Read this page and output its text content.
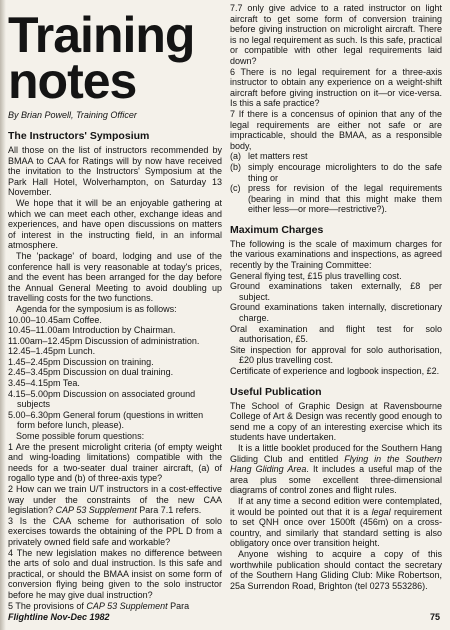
Training
notes
By Brian Powell, Training Officer
The Instructors' Symposium

All those on the list of instructors recommended by BMAA to CAA for Ratings will by now have received the invitation to the Instructors' Symposium at the Park Hall Hotel, Wolverhampton, on Saturday 13 November.

We hope that it will be an enjoyable gathering at which we can meet each other, exchange ideas and experiences, and have open discussions on matters of interest in the instructing field, in an informal atmosphere.

The 'package' of board, lodging and use of the conference hall is very reasonable at today's prices, and the event has been arranged for the day before the Annual General Meeting to avoid doubling up travelling costs for the two functions.

Agenda for the symposium is as follows:

10.00–10.45am Coffee.
10.45–11.00am Introduction by Chairman.
11.00am–12.45pm Discussion of administration.
12.45–1.45pm Lunch.
1.45–2.45pm Discussion on training.
2.45–3.45pm Discussion on dual training.
3.45–4.15pm Tea.
4.15–5.00pm Discussion on associated ground subjects
5.00–6.30pm General forum (questions in written form before lunch, please).

Some possible forum questions:

1 Are the present microlight criteria (of empty weight and wing-loading limitations) compatible with the needs for a two-seater dual trainer aircraft, (a) of rogallo type and (b) of three-axis type?
2 How can we train U/T instructors in a cost-effective way under the constraints of the new CAA legislation? CAP 53 Supplement Para 7.1 refers.
3 Is the CAA scheme for authorisation of solo exercises towards the obtaining of the PPL D from a privately owned field safe and workable?
4 The new legislation makes no difference between the arts of solo and dual instruction. Is this safe and practical, or should the BMAA insist on some form of conversion flying being given to the solo instructor before he may give dual instruction?
5 The provisions of CAP 53 Supplement Para

7.7 only give advice to a rated instructor on light aircraft to get some form of conversion training before giving instruction on microlight aircraft. There is no legal requirement as such. Is this safe, practical or compatible with other legal requirements laid down?

6 There is no legal requirement for a three-axis instructor to obtain any experience on a weight-shift aircraft before giving instruction on it—or vice-versa. Is this a safe practice?

7 If there is a concensus of opinion that any of the legal requirements are either not safe or are impracticable, should the BMAA, as a responsible body,

(a) let matters rest
(b) simply encourage microlighters to do the safe thing or
(c) press for revision of the legal requirements (bearing in mind that this might make them either less—or more—restrictive?).
Maximum Charges

The following is the scale of maximum charges for the various examinations and inspections, as agreed recently by the Training Committee:

General flying test, £15 plus travelling cost.
Ground examinations taken externally, £8 per subject.
Ground examinations taken internally, discretionary charge.
Oral examination and flight test for solo authorisation, £5.
Site inspection for approval for solo authorisation, £20 plus travelling cost.
Certificate of experience and logbook inspection, £2.
Useful Publication

The School of Graphic Design at Ravensbourne College of Art & Design was recently good enough to send me a copy of an interesting exercise which its students have undertaken.

It is a little booklet produced for the Southern Hang Gliding Club and entitled Flying in the Southern Hang Gliding Area. It includes a useful map of the area plus some excellent three-dimensional diagrams of control zones and flight rules.

If at any time a second edition were contemplated, it would be pointed out that it is a legal requirement to set QNH once over 1500ft (456m) on a cross-country, and similarly that standard setting is also obligatory once over transition height.

Anyone wishing to acquire a copy of this worthwhile publication should contact the secretary of the Southern Hang Gliding Club: Mike Robertson, 25a Surrendon Road, Brighton (tel 0273 553286).

Flightline Nov-Dec 1982	75
